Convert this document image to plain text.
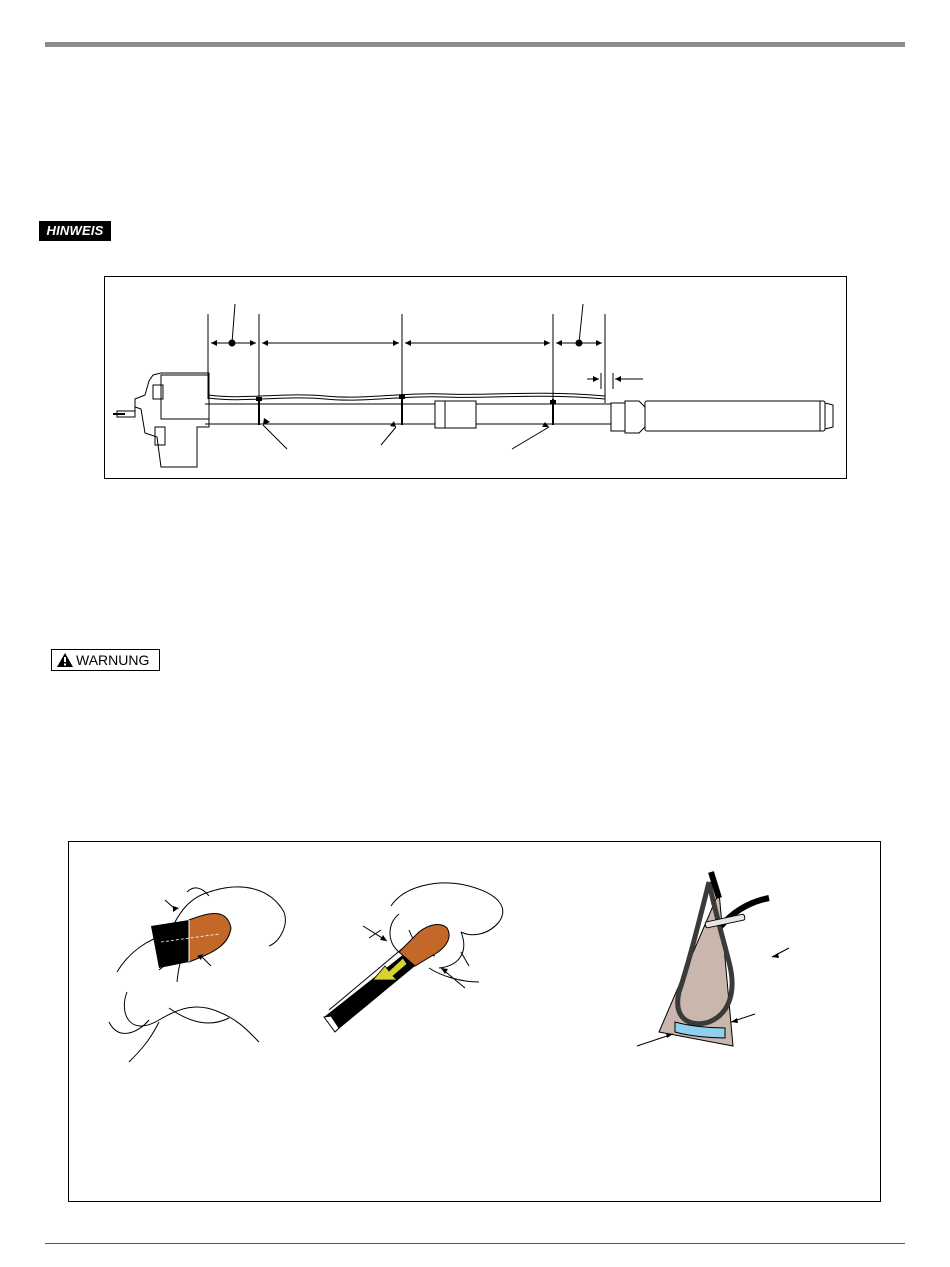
HINWEIS
WARNUNG
